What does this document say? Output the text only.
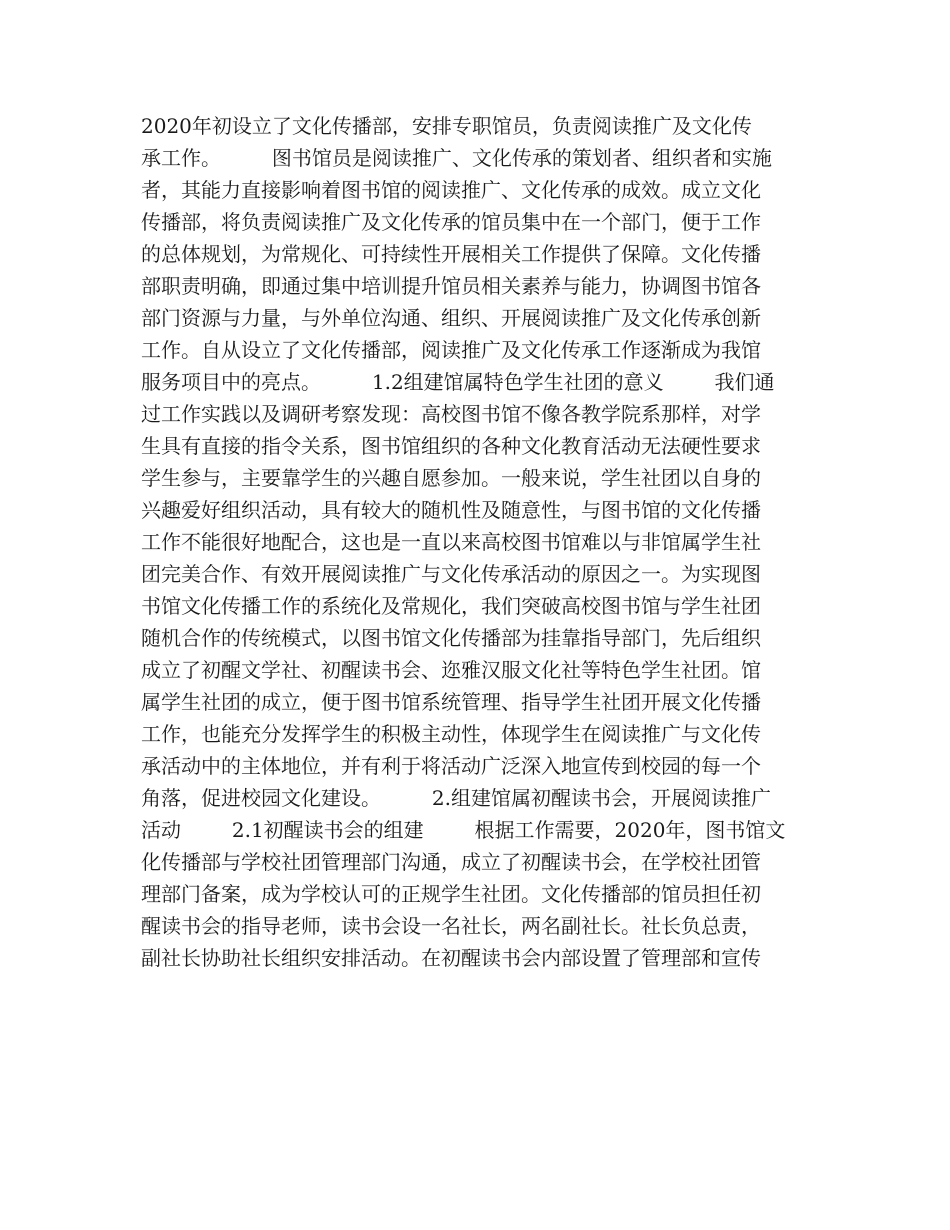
2020年初设立了文化传播部，安排专职馆员，负责阅读推广及文化传
承工作。        图书馆员是阅读推广、文化传承的策划者、组织者和实施
者，其能力直接影响着图书馆的阅读推广、文化传承的成效。成立文化
传播部，将负责阅读推广及文化传承的馆员集中在一个部门，便于工作
的总体规划，为常规化、可持续性开展相关工作提供了保障。文化传播
部职责明确，即通过集中培训提升馆员相关素养与能力，协调图书馆各
部门资源与力量，与外单位沟通、组织、开展阅读推广及文化传承创新
工作。自从设立了文化传播部，阅读推广及文化传承工作逐渐成为我馆
服务项目中的亮点。        1.2组建馆属特色学生社团的意义        我们通
过工作实践以及调研考察发现：高校图书馆不像各教学院系那样，对学
生具有直接的指令关系，图书馆组织的各种文化教育活动无法硬性要求
学生参与，主要靠学生的兴趣自愿参加。一般来说，学生社团以自身的
兴趣爱好组织活动，具有较大的随机性及随意性，与图书馆的文化传播
工作不能很好地配合，这也是一直以来高校图书馆难以与非馆属学生社
团完美合作、有效开展阅读推广与文化传承活动的原因之一。为实现图
书馆文化传播工作的系统化及常规化，我们突破高校图书馆与学生社团
随机合作的传统模式，以图书馆文化传播部为挂靠指导部门，先后组织
成立了初醒文学社、初醒读书会、迩雅汉服文化社等特色学生社团。馆
属学生社团的成立，便于图书馆系统管理、指导学生社团开展文化传播
工作，也能充分发挥学生的积极主动性，体现学生在阅读推广与文化传
承活动中的主体地位，并有利于将活动广泛深入地宣传到校园的每一个
角落，促进校园文化建设。        2.组建馆属初醒读书会，开展阅读推广
活动        2.1初醒读书会的组建        根据工作需要，2020年，图书馆文
化传播部与学校社团管理部门沟通，成立了初醒读书会，在学校社团管
理部门备案，成为学校认可的正规学生社团。文化传播部的馆员担任初
醒读书会的指导老师，读书会设一名社长，两名副社长。社长负总责，
副社长协助社长组织安排活动。在初醒读书会内部设置了管理部和宣传
